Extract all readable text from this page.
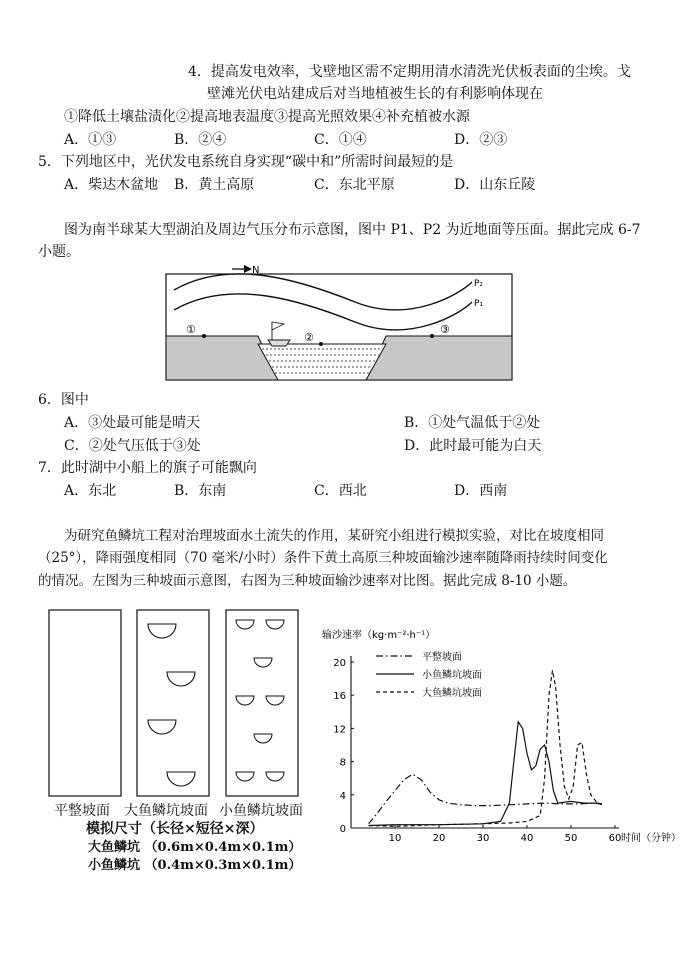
4．提高发电效率，戈壁地区需不定期用清水清洗光伏板表面的尘埃。戈
壁滩光伏电站建成后对当地植被生长的有利影响体现在
①降低土壤盐渍化②提高地表温度③提高光照效果④补充植被水源
A．①③	B．②④	C．①④	D．②③
5．下列地区中，光伏发电系统自身实现“碳中和”所需时间最短的是
A．柴达木盆地 B．黄土高原	C．东北平原	D．山东丘陵
图为南半球某大型湖泊及周边气压分布示意图，图中 P1、P2 为近地面等压面。据此完成 6-7
小题。
N
P₂
P₁
①
②
③
6．图中
A．③处最可能是晴天	B．①处气温低于②处
C．②处气压低于③处	D．此时最可能为白天
7．此时湖中小船上的旗子可能飘向
A．东北	B．东南	C．西北	D．西南
为研究鱼鳞坑工程对治理坡面水土流失的作用，某研究小组进行模拟实验，对比在坡度相同
（25°），降雨强度相同（70 毫米/小时）条件下黄土高原三种坡面输沙速率随降雨持续时间变化
的情况。左图为三种坡面示意图，右图为三种坡面输沙速率对比图。据此完成 8-10 小题。
平整坡面 大鱼鳞坑坡面 小鱼鳞坑坡面
模拟尺寸（长径×短径×深）
大鱼鳞坑 （0.6m×0.4m×0.1m）
小鱼鳞坑 （0.4m×0.3m×0.1m）
输沙速率（kg·m⁻²·h⁻¹）
时间（分钟）
0
4
8
12
16
20
10	20	30	40	50	60
平整坡面
小鱼鳞坑坡面
大鱼鳞坑坡面
